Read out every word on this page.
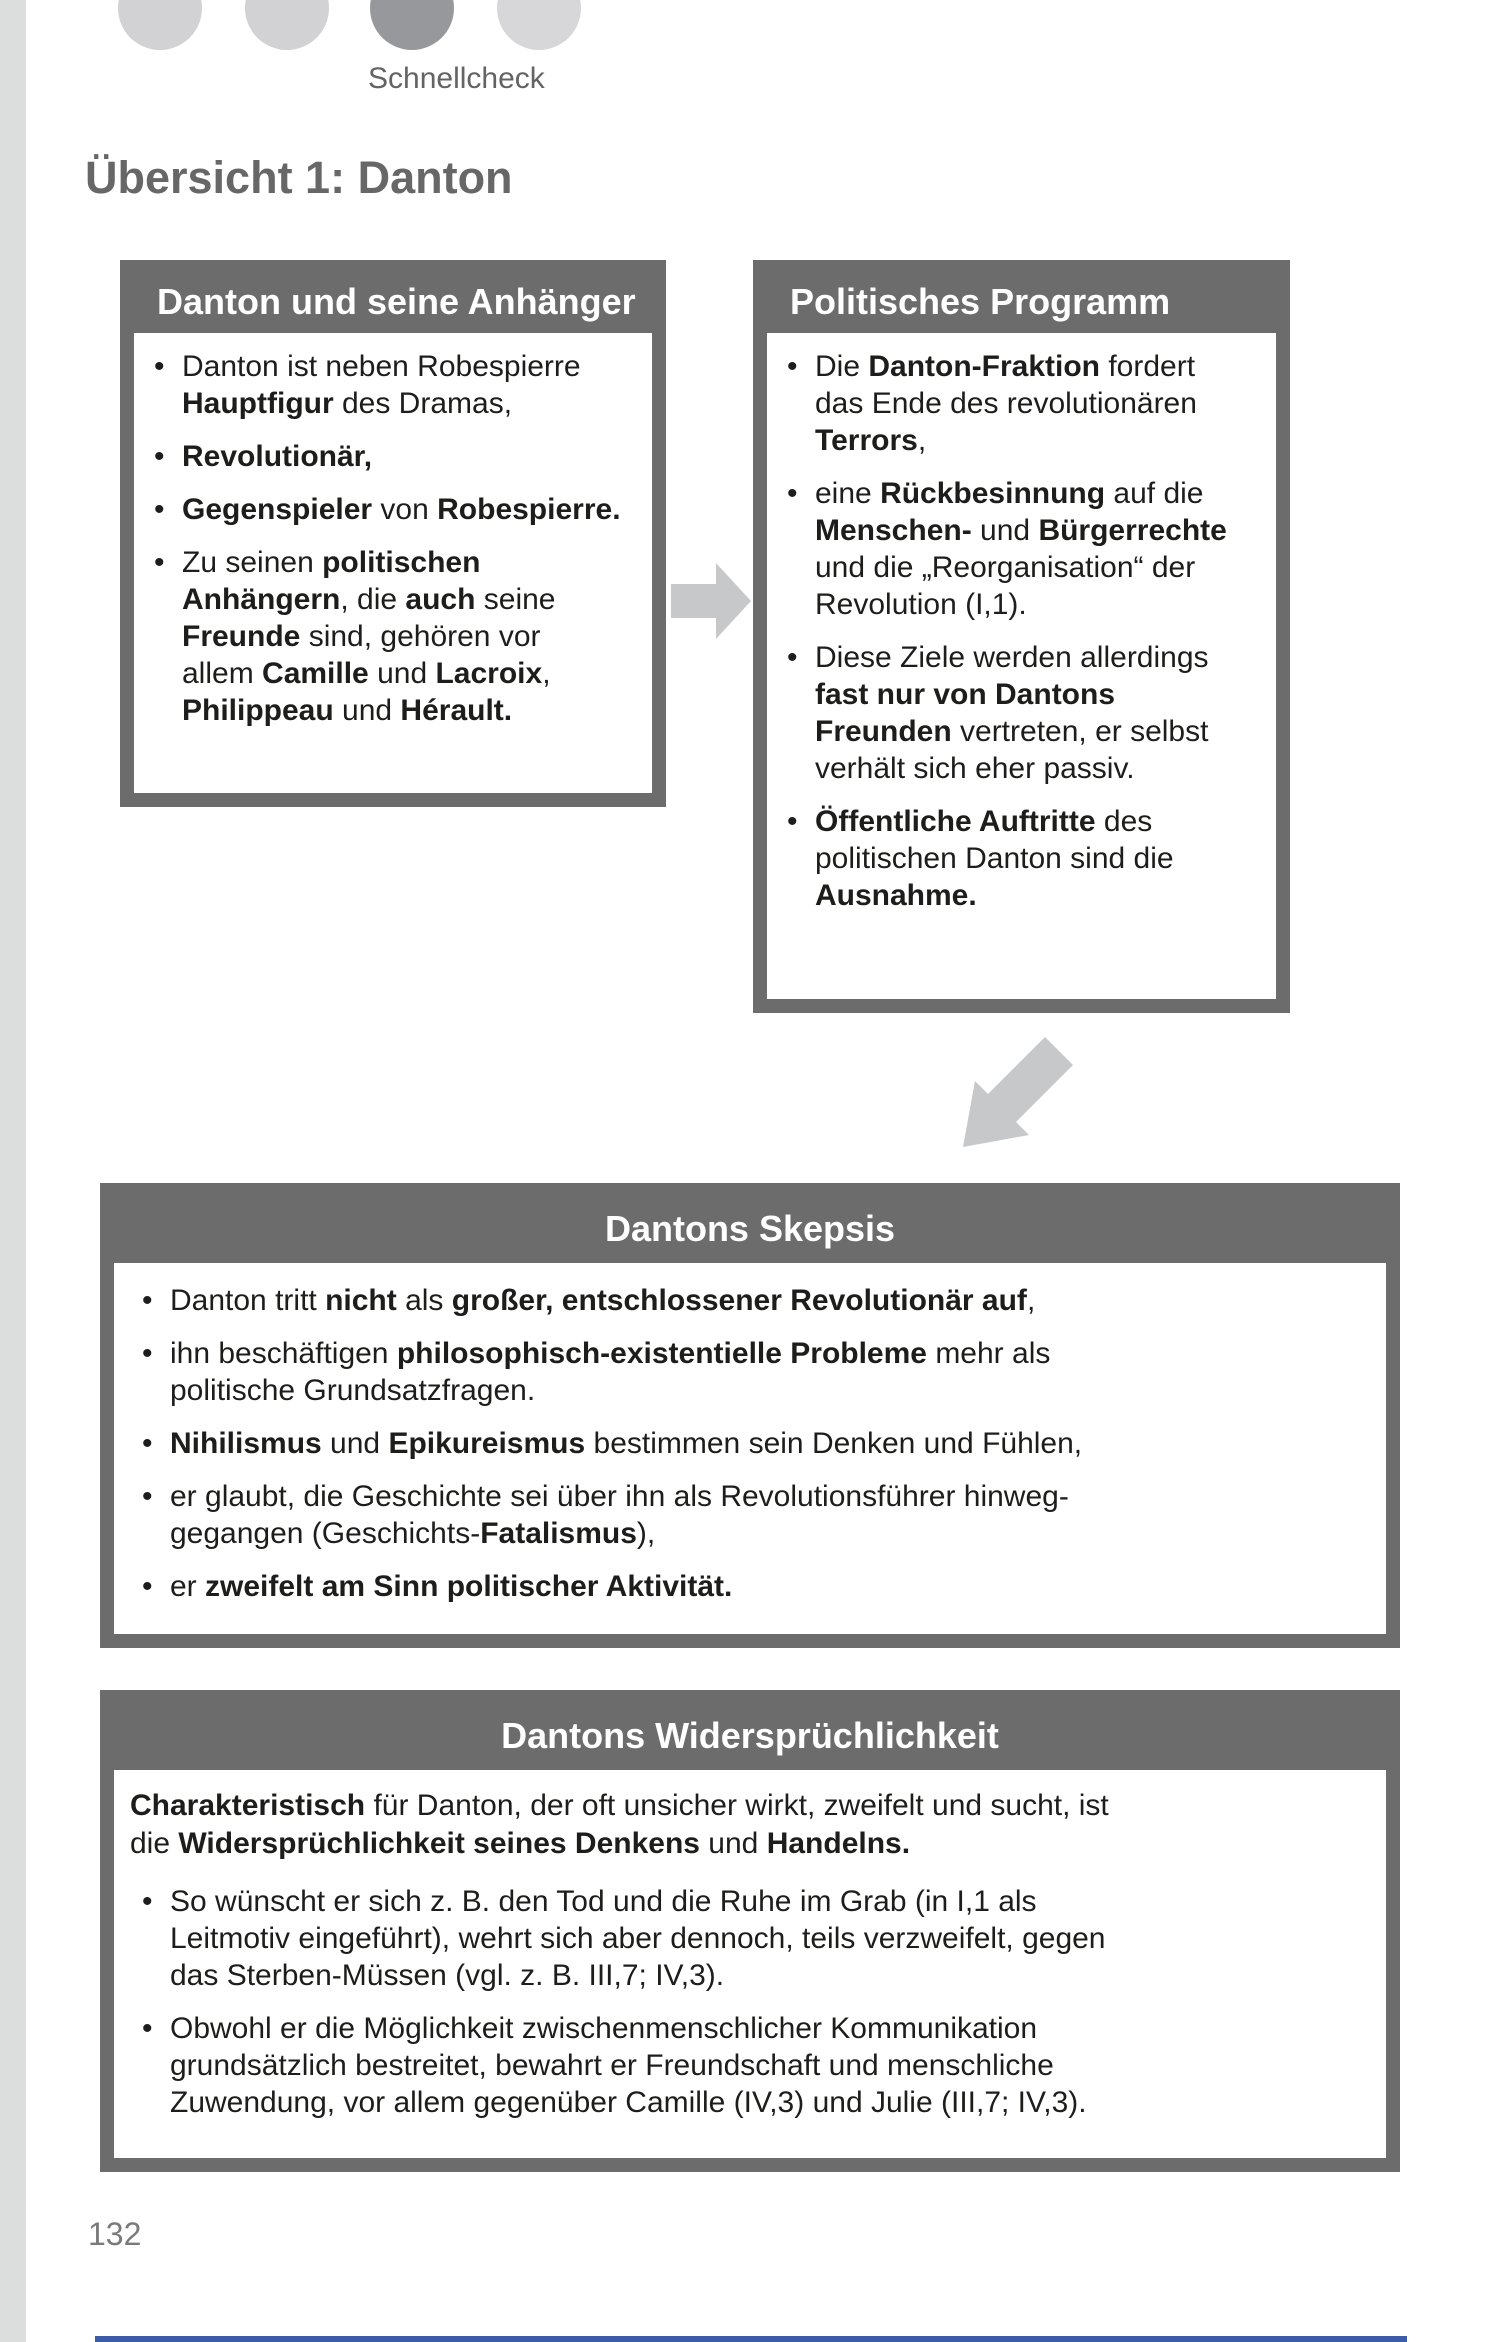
Schnellcheck
Übersicht 1: Danton
Danton und seine Anhänger
• Danton ist neben Robespierre
Hauptfigur des Dramas,
• Revolutionär,
• Gegenspieler von Robespierre.
• Zu seinen politischen
Anhängern, die auch seine
Freunde sind, gehören vor
allem Camille und Lacroix,
Philippeau und Hérault.
Politisches Programm
• Die Danton-Fraktion fordert
das Ende des revolutionären
Terrors,
• eine Rückbesinnung auf die
Menschen- und Bürgerrechte
und die „Reorganisation“ der
Revolution (I,1).
• Diese Ziele werden allerdings
fast nur von Dantons
Freunden vertreten, er selbst
verhält sich eher passiv.
• Öffentliche Auftritte des
politischen Danton sind die
Ausnahme.
Dantons Skepsis
• Danton tritt nicht als großer, entschlossener Revolutionär auf,
• ihn beschäftigen philosophisch-existentielle Probleme mehr als
politische Grundsatzfragen.
• Nihilismus und Epikureismus bestimmen sein Denken und Fühlen,
• er glaubt, die Geschichte sei über ihn als Revolutionsführer hinweg-
gegangen (Geschichts-Fatalismus),
• er zweifelt am Sinn politischer Aktivität.
Dantons Widersprüchlichkeit

Charakteristisch für Danton, der oft unsicher wirkt, zweifelt und sucht, ist
die Widersprüchlichkeit seines Denkens und Handelns.

• So wünscht er sich z. B. den Tod und die Ruhe im Grab (in I,1 als
Leitmotiv eingeführt), wehrt sich aber dennoch, teils verzweifelt, gegen
das Sterben-Müssen (vgl. z. B. III,7; IV,3).
• Obwohl er die Möglichkeit zwischenmenschlicher Kommunikation
grundsätzlich bestreitet, bewahrt er Freundschaft und menschliche
Zuwendung, vor allem gegenüber Camille (IV,3) und Julie (III,7; IV,3).
132
